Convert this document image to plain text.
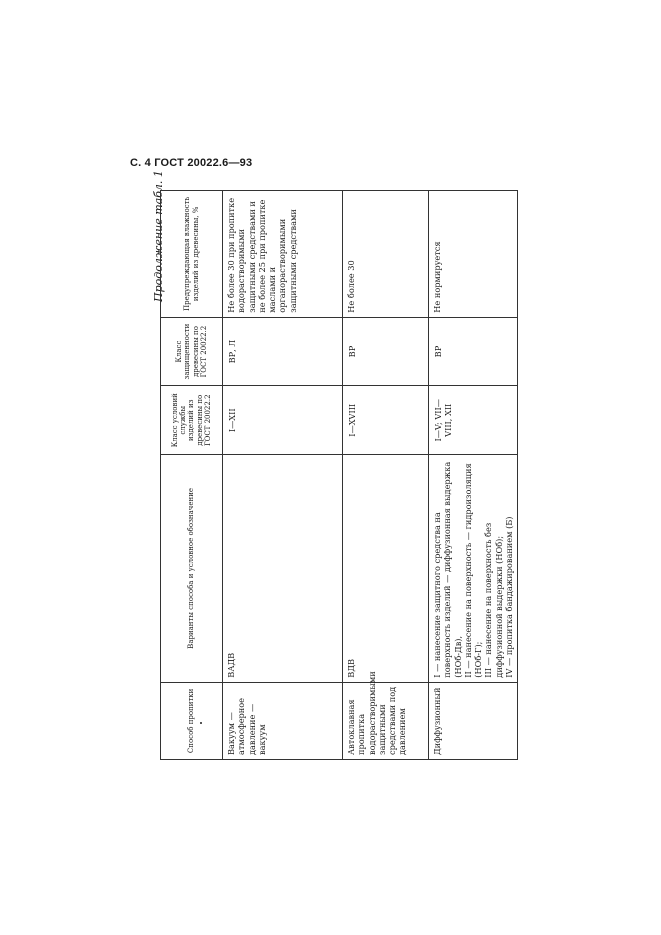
С. 4 ГОСТ 20022.6—93
Продолжение табл. 1
Способ пропитки	Варианты способа и условное обозначение	Класс условий службы изделий из древесины по ГОСТ 20022.2	Класс защищенности древесины по ГОСТ 20022.2	Предупреждающая влажность изделий из древесины, %
Вакуум — атмосферное давление — вакуум	ВАДВ	I—XII	ВР, Л	Не более 30 при пропитке водорастворимыми защитными средствами и не более 25 при пропитке маслами и органорастворимыми защитными средствами
Автоклавная пропитка водорастворимыми защитными средствами под давлением	ВДВ	I—XVIII	ВР	Не более 30
Диффузионный	I — нанесение защитного средства на поверхность изделий — диффузионная выдержка (НОб-Дв), II — нанесение на поверхность — гидроизоляция (НОб-Г); III — нанесение на поверхность без диффузионной выдержки (НОб); IV — пропитка бандажированием (Б)	I—V; VII—VIII, XII	ВР	Не нормируется
